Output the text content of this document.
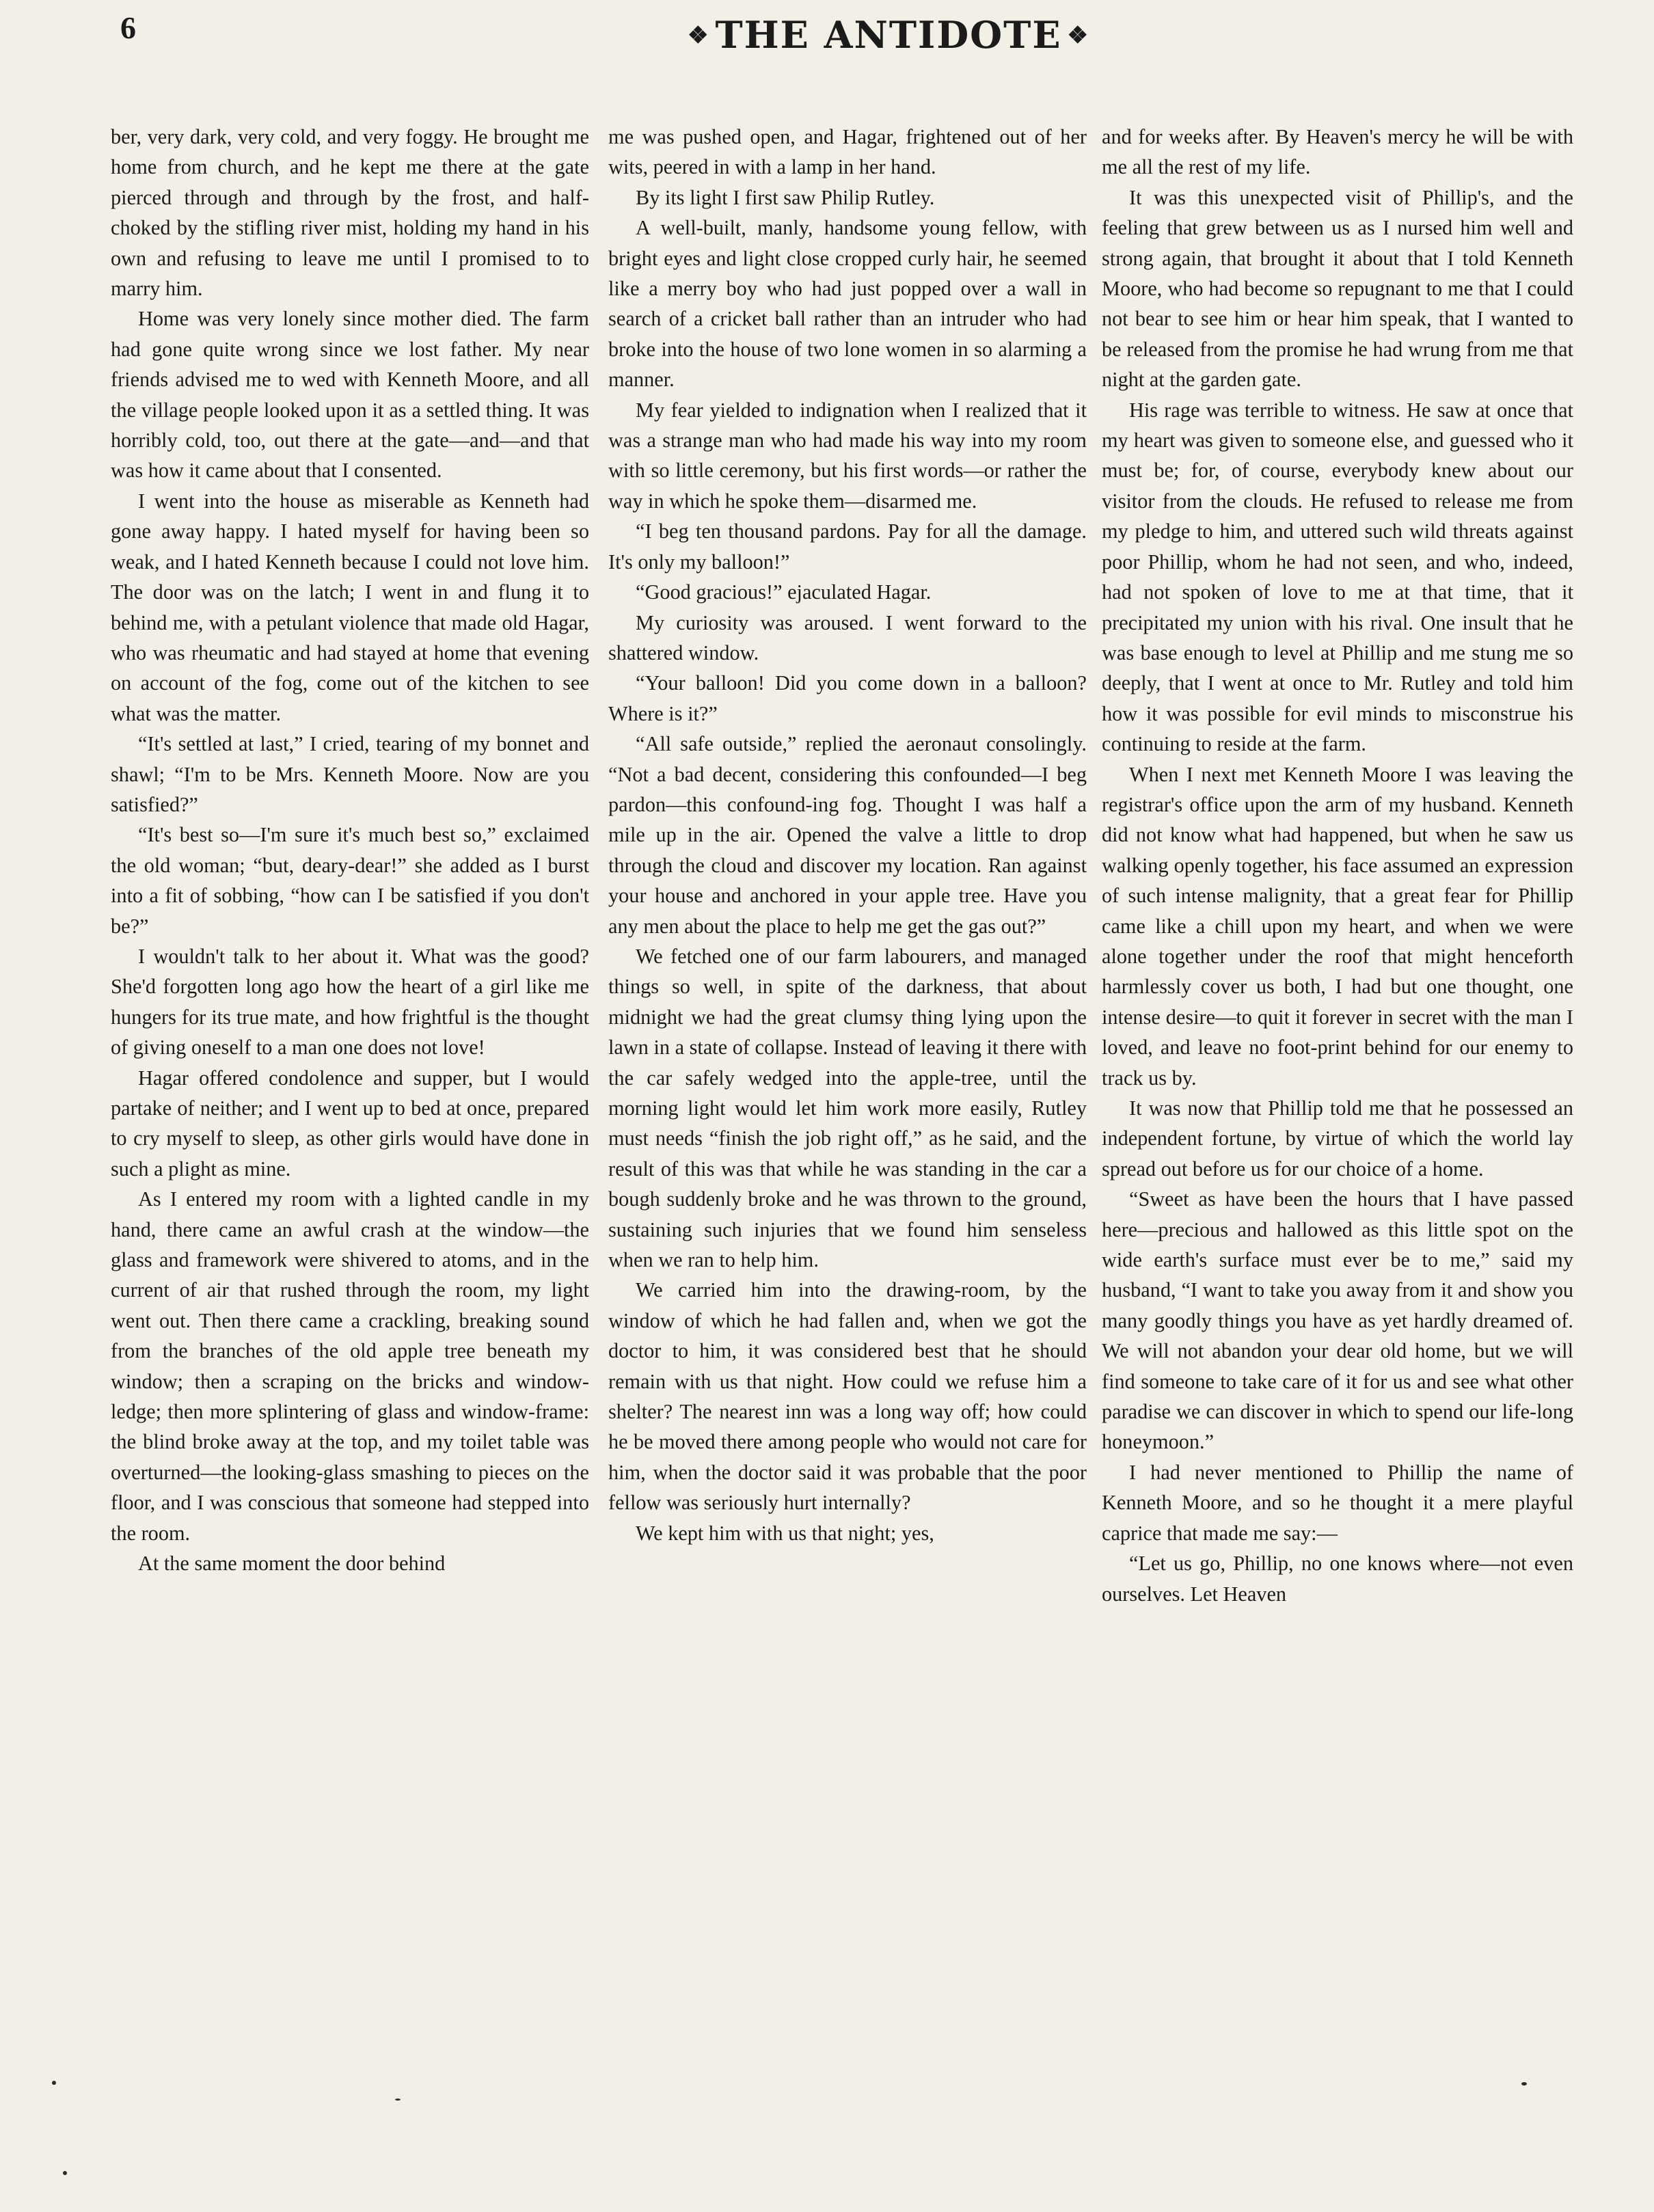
6	❖ THE ANTIDOTE ❖

ber, very dark, very cold, and very foggy. He brought me home from church, and he kept me there at the gate pierced through and through by the frost, and half-choked by the stifling river mist, holding my hand in his own and refusing to leave me until I promised to to marry him.

Home was very lonely since mother died. The farm had gone quite wrong since we lost father. My near friends advised me to wed with Kenneth Moore, and all the village people looked upon it as a settled thing. It was horribly cold, too, out there at the gate—and—and that was how it came about that I consented.

I went into the house as miserable as Kenneth had gone away happy. I hated myself for having been so weak, and I hated Kenneth because I could not love him. The door was on the latch; I went in and flung it to behind me, with a petulant violence that made old Hagar, who was rheumatic and had stayed at home that evening on account of the fog, come out of the kitchen to see what was the matter.

“It's settled at last,” I cried, tearing of my bonnet and shawl; “I'm to be Mrs. Kenneth Moore. Now are you satisfied?”

“It's best so—I'm sure it's much best so,” exclaimed the old woman; “but, deary-dear!” she added as I burst into a fit of sobbing, “how can I be satisfied if you don't be?”

I wouldn't talk to her about it. What was the good? She'd forgotten long ago how the heart of a girl like me hungers for its true mate, and how frightful is the thought of giving oneself to a man one does not love!

Hagar offered condolence and supper, but I would partake of neither; and I went up to bed at once, prepared to cry myself to sleep, as other girls would have done in such a plight as mine.

As I entered my room with a lighted candle in my hand, there came an awful crash at the window—the glass and framework were shivered to atoms, and in the current of air that rushed through the room, my light went out. Then there came a crackling, breaking sound from the branches of the old apple tree beneath my window; then a scraping on the bricks and window-ledge; then more splintering of glass and window-frame: the blind broke away at the top, and my toilet table was overturned—the looking-glass smashing to pieces on the floor, and I was conscious that someone had stepped into the room.

At the same moment the door behind

me was pushed open, and Hagar, frightened out of her wits, peered in with a lamp in her hand.

By its light I first saw Philip Rutley.

A well-built, manly, handsome young fellow, with bright eyes and light close cropped curly hair, he seemed like a merry boy who had just popped over a wall in search of a cricket ball rather than an intruder who had broke into the house of two lone women in so alarming a manner.

My fear yielded to indignation when I realized that it was a strange man who had made his way into my room with so little ceremony, but his first words—or rather the way in which he spoke them—disarmed me.

“I beg ten thousand pardons. Pay for all the damage. It's only my balloon!”

“Good gracious!” ejaculated Hagar.

My curiosity was aroused. I went forward to the shattered window.

“Your balloon! Did you come down in a balloon? Where is it?”

“All safe outside,” replied the aeronaut consolingly. “Not a bad decent, considering this confounded—I beg pardon—this confound-ing fog. Thought I was half a mile up in the air. Opened the valve a little to drop through the cloud and discover my location. Ran against your house and anchored in your apple tree. Have you any men about the place to help me get the gas out?”

We fetched one of our farm labourers, and managed things so well, in spite of the darkness, that about midnight we had the great clumsy thing lying upon the lawn in a state of collapse. Instead of leaving it there with the car safely wedged into the apple-tree, until the morning light would let him work more easily, Rutley must needs “finish the job right off,” as he said, and the result of this was that while he was standing in the car a bough suddenly broke and he was thrown to the ground, sustaining such injuries that we found him senseless when we ran to help him.

We carried him into the drawing-room, by the window of which he had fallen and, when we got the doctor to him, it was considered best that he should remain with us that night. How could we refuse him a shelter? The nearest inn was a long way off; how could he be moved there among people who would not care for him, when the doctor said it was probable that the poor fellow was seriously hurt internally?

We kept him with us that night; yes,

and for weeks after. By Heaven's mercy he will be with me all the rest of my life.

It was this unexpected visit of Phillip's, and the feeling that grew between us as I nursed him well and strong again, that brought it about that I told Kenneth Moore, who had become so repugnant to me that I could not bear to see him or hear him speak, that I wanted to be released from the promise he had wrung from me that night at the garden gate.

His rage was terrible to witness. He saw at once that my heart was given to someone else, and guessed who it must be; for, of course, everybody knew about our visitor from the clouds. He refused to release me from my pledge to him, and uttered such wild threats against poor Phillip, whom he had not seen, and who, indeed, had not spoken of love to me at that time, that it precipitated my union with his rival. One insult that he was base enough to level at Phillip and me stung me so deeply, that I went at once to Mr. Rutley and told him how it was possible for evil minds to misconstrue his continuing to reside at the farm.

When I next met Kenneth Moore I was leaving the registrar's office upon the arm of my husband. Kenneth did not know what had happened, but when he saw us walking openly together, his face assumed an expression of such intense malignity, that a great fear for Phillip came like a chill upon my heart, and when we were alone together under the roof that might henceforth harmlessly cover us both, I had but one thought, one intense desire—to quit it forever in secret with the man I loved, and leave no foot-print behind for our enemy to track us by.

It was now that Phillip told me that he possessed an independent fortune, by virtue of which the world lay spread out before us for our choice of a home.

“Sweet as have been the hours that I have passed here—precious and hallowed as this little spot on the wide earth's surface must ever be to me,” said my husband, “I want to take you away from it and show you many goodly things you have as yet hardly dreamed of. We will not abandon your dear old home, but we will find someone to take care of it for us and see what other paradise we can discover in which to spend our life-long honeymoon.”

I had never mentioned to Phillip the name of Kenneth Moore, and so he thought it a mere playful caprice that made me say:—

“Let us go, Phillip, no one knows where—not even ourselves. Let Heaven
